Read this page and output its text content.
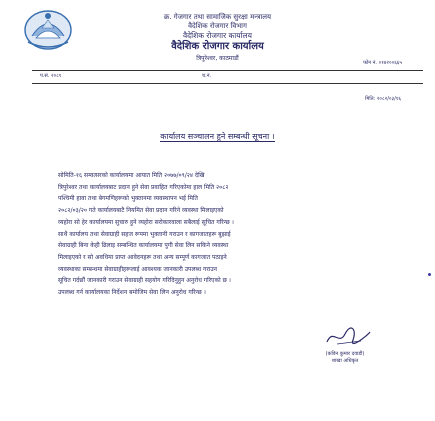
क्र. गेजगार तथा सामाजिक सुरक्षा मन्त्रालय
वैदेशिक रोजगार विभाग
वैदेशिक रोजगार कार्यालय
वैदेशिक रोजगार कार्यालय
त्रिपुरेश्वर, काठमाडौं
फोन नं. ०१४२००६६५
प.सं. २०८१	च.नं.
मिति: २०८२/०३/१६
कार्यालय सञ्चालन हुने सम्बन्धी सूचना ।
सोमिति-१६ सम्वत्सरको कार्यालयमा आयात मिति २०७७/०९/२४ देखि
त्रिपुरेश्वर तथा कार्यालयबाट प्रदान हुने सेवा प्रवाहित गरिएकोमा हाल मिति २०८२
पश्चिमी हावा तथा बेगमणिहरूको भुक्तानमा व्यवस्थापन भई मिति
२०८२/०३/२० गते कार्यालयबाटै नियमित सेवा प्रदान गरिने व्यवस्था मिलाइएको
व्यहोरा सो हेर कार्यालयमा सुचारु हुने व्यहोरा सरोकारवाला सबैलाई सूचित गरिन्छ ।
साथै कार्यालय तथा सेवाग्राही सहज रूपमा भुक्तानी गराउन र कागजातहरू बुझाई
सेवाग्राही बिना केही ढिलाइ सम्बन्धित कार्यालयमा पुगी सेवा लिन सकिने व्यवस्था
मिलाइएको र सो अवधिमा प्राप्त आवेदनहरू तथा अन्य सम्पूर्ण कागजात पठाइने
व्यवस्थाका सम्बन्धमा सेवाग्राहीहरूलाई आवश्यक जानकारी उपलब्ध गराउन
सूचित गर्दछौं जानकारी गराउन सेवाग्राही सहयोग गरिदिनुहुन अनुरोध गरिएको छ ।
उपलब्ध गर्न कार्यालयका निर्देशन बमोजिम सेवा लिन अनुरोध गरिन्छ ।
(कविन कुमार दवाडी)
शाखा अधिकृत
